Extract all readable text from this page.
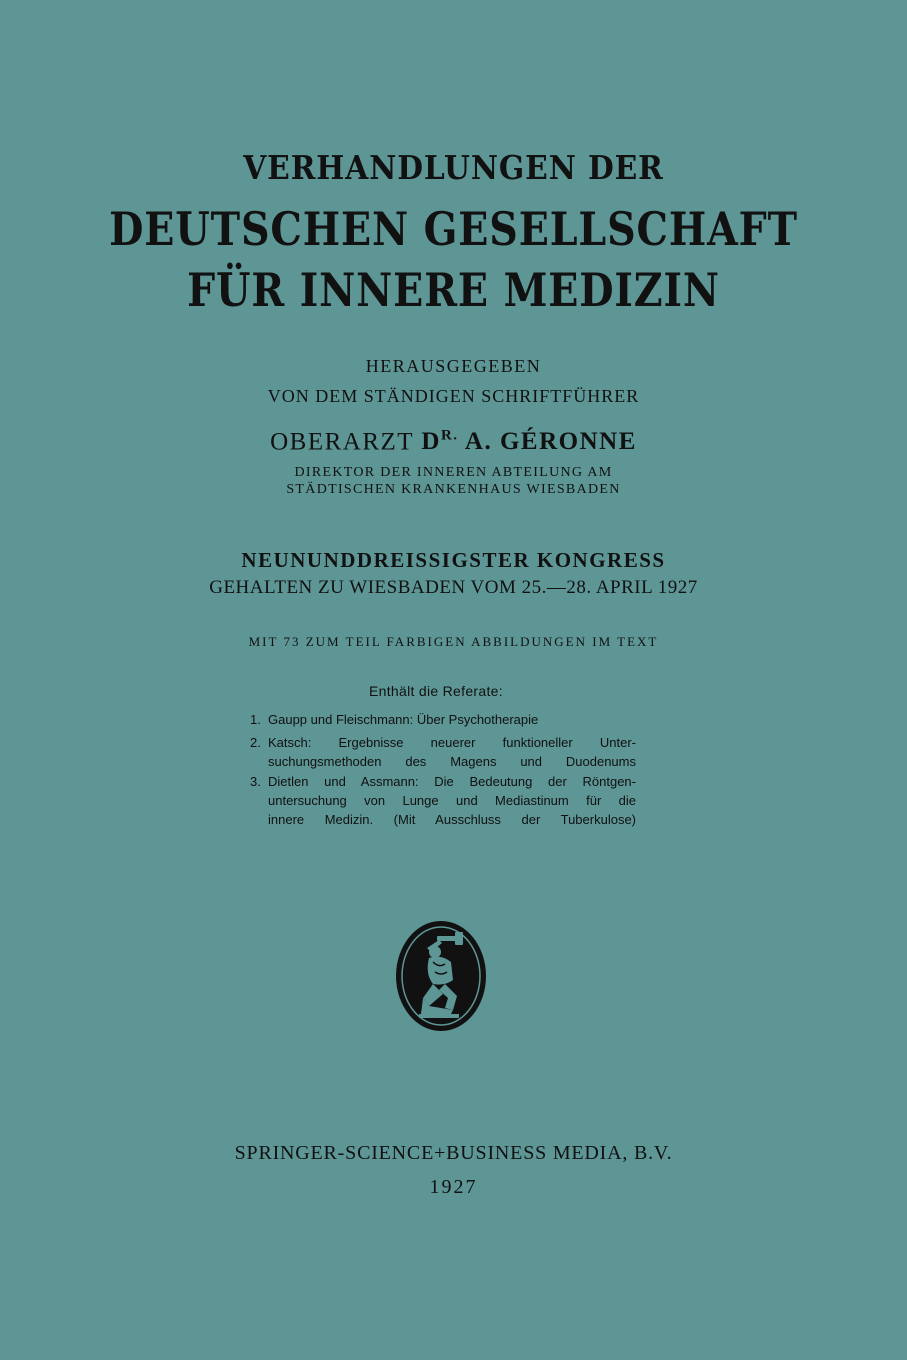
VERHANDLUNGEN DER
DEUTSCHEN GESELLSCHAFT
FÜR INNERE MEDIZIN
HERAUSGEGEBEN
VON DEM STÄNDIGEN SCHRIFTFÜHRER
OBERARZT $D^{R.}$ A. GÉRONNE
DIREKTOR DER INNEREN ABTEILUNG AM
STÄDTISCHEN KRANKENHAUS WIESBADEN
NEUNUNDDREISSIGSTER KONGRESS
GEHALTEN ZU WIESBADEN VOM 25.—28. APRIL 1927
MIT 73 ZUM TEIL FARBIGEN ABBILDUNGEN IM TEXT
Enthält die Referate:
1. Gaupp und Fleischmann: Über Psychotherapie
2. Katsch: Ergebnisse neuerer funktioneller Unter-
suchungsmethoden des Magens und Duodenums
3. Dietlen und Assmann: Die Bedeutung der Röntgen-
untersuchung von Lunge und Mediastinum für die
innere Medizin. (Mit Ausschluss der Tuberkulose)
SPRINGER-SCIENCE+BUSINESS MEDIA, B.V.
1927
